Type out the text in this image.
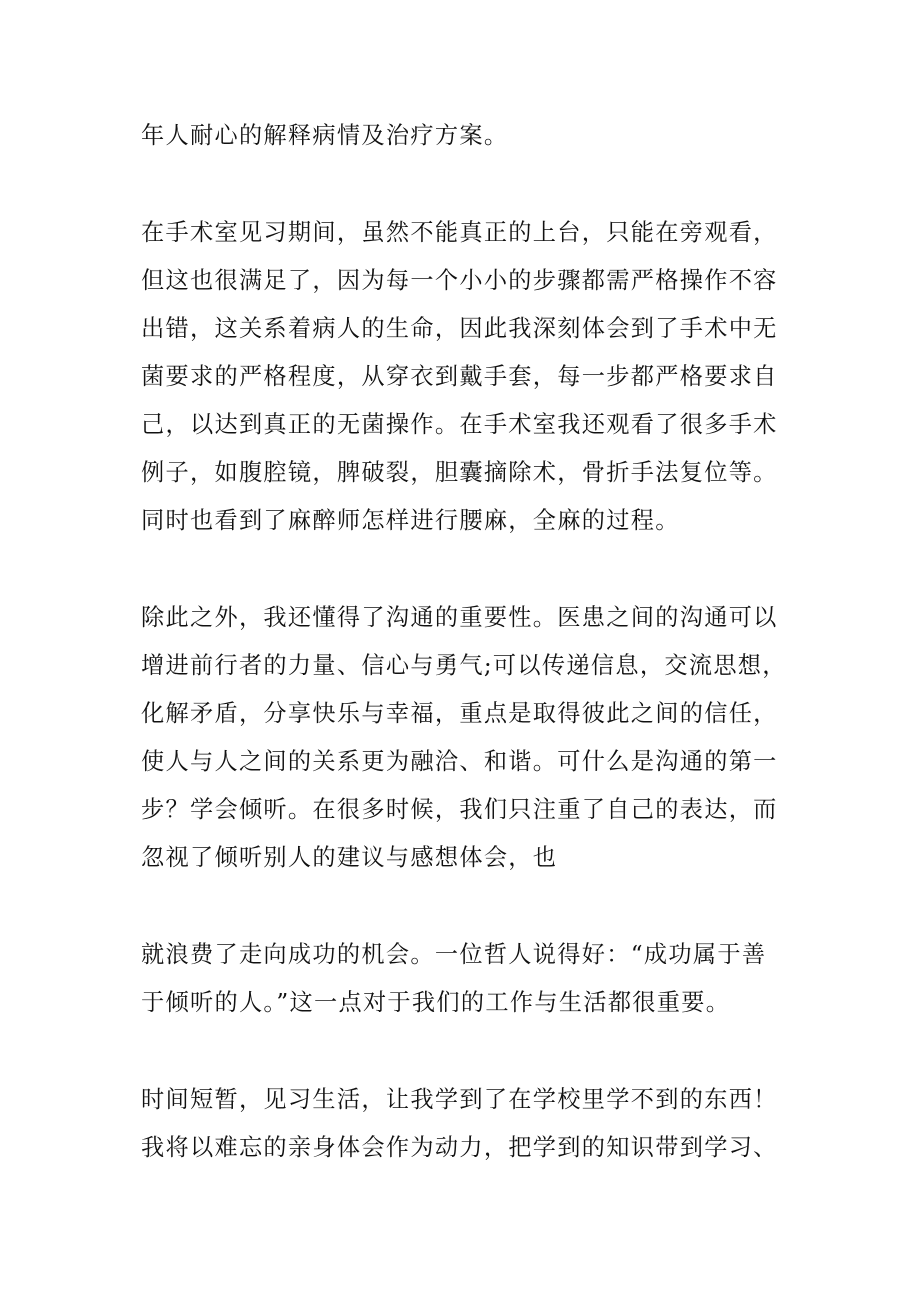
年人耐心的解释病情及治疗方案。
在手术室见习期间，虽然不能真正的上台，只能在旁观看，
但这也很满足了，因为每一个小小的步骤都需严格操作不容
出错，这关系着病人的生命，因此我深刻体会到了手术中无
菌要求的严格程度，从穿衣到戴手套，每一步都严格要求自
己，以达到真正的无菌操作。在手术室我还观看了很多手术
例子，如腹腔镜，脾破裂，胆囊摘除术，骨折手法复位等。
同时也看到了麻醉师怎样进行腰麻，全麻的过程。
除此之外，我还懂得了沟通的重要性。医患之间的沟通可以
增进前行者的力量、信心与勇气;可以传递信息，交流思想，
化解矛盾，分享快乐与幸福，重点是取得彼此之间的信任，
使人与人之间的关系更为融洽、和谐。可什么是沟通的第一
步？学会倾听。在很多时候，我们只注重了自己的表达，而
忽视了倾听别人的建议与感想体会，也
就浪费了走向成功的机会。一位哲人说得好：“成功属于善
于倾听的人。”这一点对于我们的工作与生活都很重要。
时间短暂，见习生活，让我学到了在学校里学不到的东西！
我将以难忘的亲身体会作为动力，把学到的知识带到学习、
